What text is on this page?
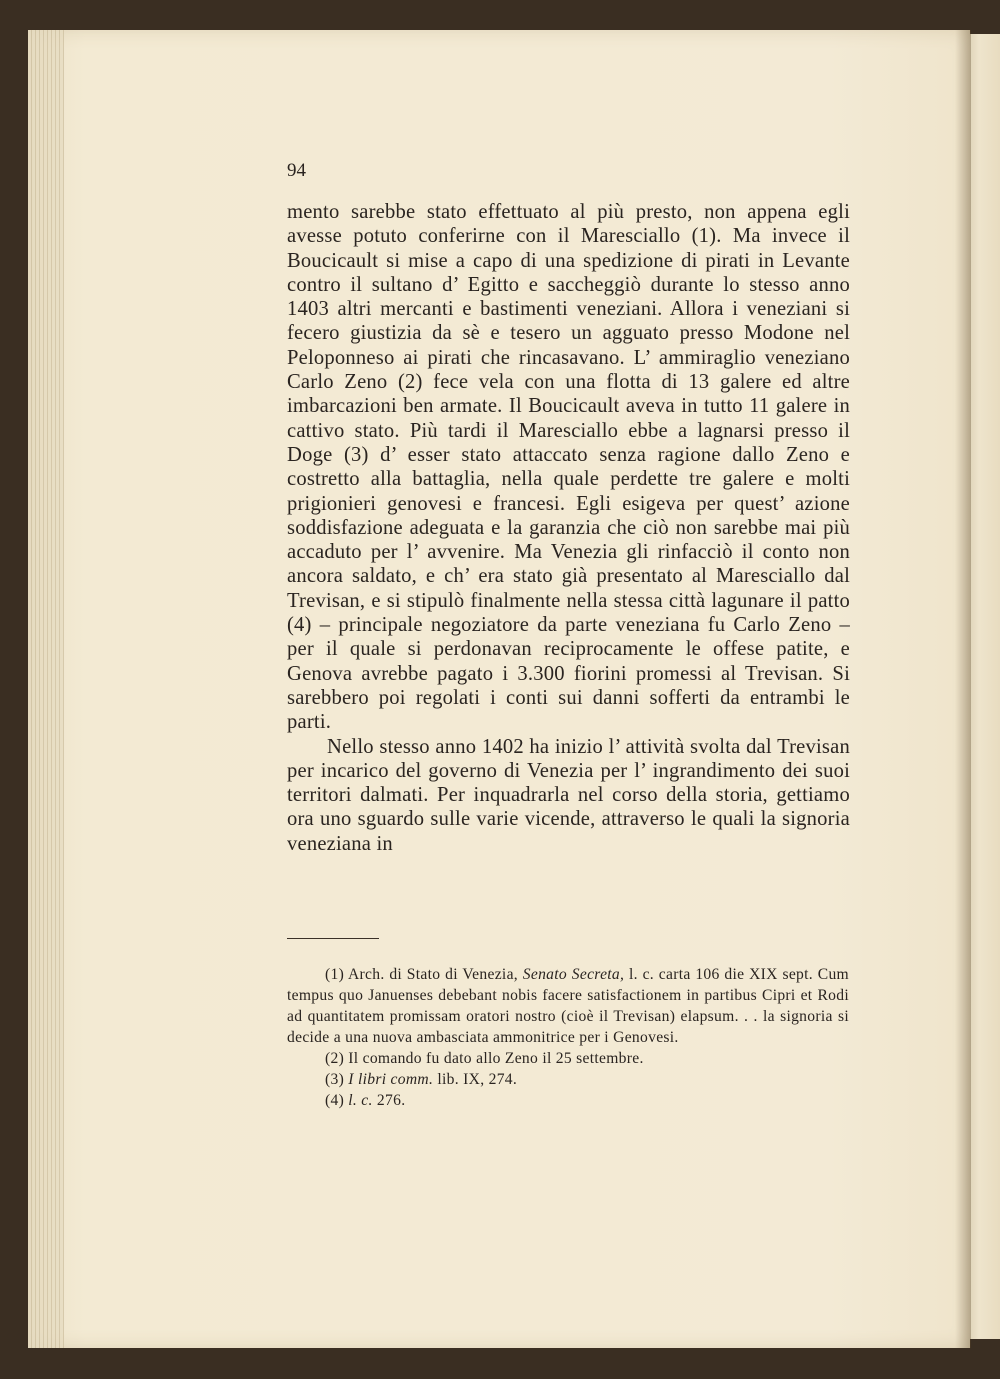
94

mento sarebbe stato effettuato al più presto, non appena egli avesse potuto conferirne con il Maresciallo (1). Ma invece il Boucicault si mise a capo di una spedizione di pirati in Levante contro il sultano d’ Egitto e saccheggiò durante lo stesso anno 1403 altri mercanti e bastimenti veneziani. Allora i veneziani si fecero giustizia da sè e tesero un agguato presso Modone nel Peloponneso ai pirati che rincasavano. L’ ammiraglio veneziano Carlo Zeno (2) fece vela con una flotta di 13 galere ed altre imbarcazioni ben armate. Il Boucicault aveva in tutto 11 galere in cattivo stato. Più tardi il Maresciallo ebbe a lagnarsi presso il Doge (3) d’ esser stato attaccato senza ragione dallo Zeno e costretto alla battaglia, nella quale perdette tre galere e molti prigionieri genovesi e francesi. Egli esigeva per quest’ azione soddisfazione adeguata e la garanzia che ciò non sarebbe mai più accaduto per l’ avvenire. Ma Venezia gli rinfacciò il conto non ancora saldato, e ch’ era stato già presentato al Maresciallo dal Trevisan, e si stipulò finalmente nella stessa città lagunare il patto (4) – principale negoziatore da parte veneziana fu Carlo Zeno – per il quale si perdonavan reciprocamente le offese patite, e Genova avrebbe pagato i 3.300 fiorini promessi al Trevisan. Si sarebbero poi regolati i conti sui danni sofferti da entrambi le parti.

Nello stesso anno 1402 ha inizio l’ attività svolta dal Trevisan per incarico del governo di Venezia per l’ ingrandimento dei suoi territori dalmati. Per inquadrarla nel corso della storia, gettiamo ora uno sguardo sulle varie vicende, attraverso le quali la signoria veneziana in

(1) Arch. di Stato di Venezia, Senato Secreta, l. c. carta 106 die XIX sept. Cum tempus quo Januenses debebant nobis facere satisfactionem in partibus Cipri et Rodi ad quantitatem promissam oratori nostro (cioè il Trevisan) elapsum. . . la signoria si decide a una nuova ambasciata ammonitrice per i Genovesi.

(2) Il comando fu dato allo Zeno il 25 settembre.

(3) I libri comm. lib. IX, 274.

(4) l. c. 276.
